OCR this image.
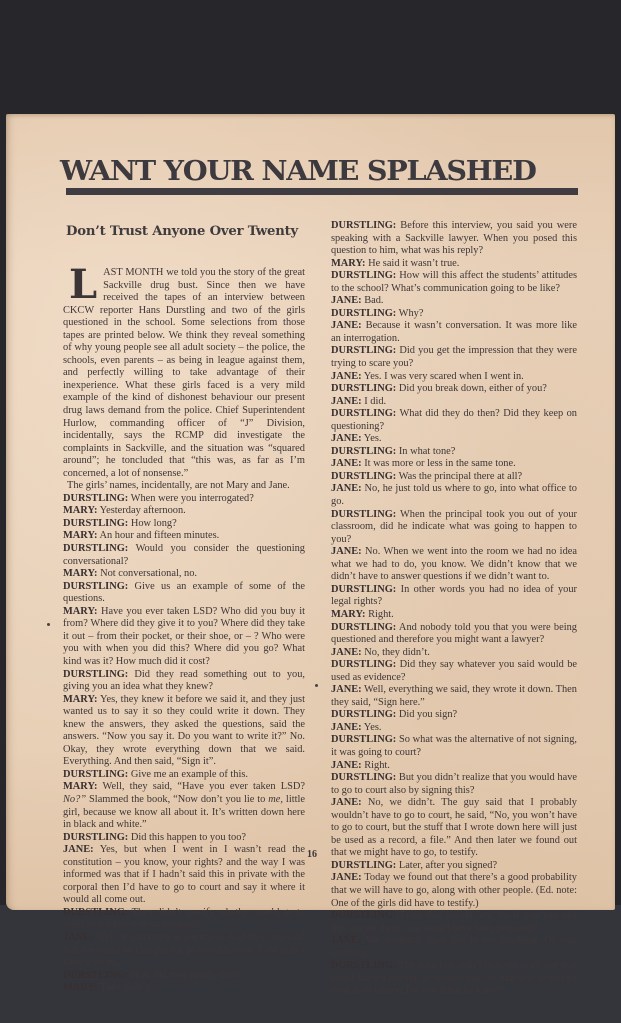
WANT YOUR NAME SPLASHED
Don’t Trust Anyone Over Twenty

LAST MONTH we told you the story of the great Sackville drug bust. Since then we have received the tapes of an interview between CKCW reporter Hans Durstling and two of the girls questioned in the school. Some selections from those tapes are printed below. We think they reveal something of why young people see all adult society – the police, the schools, even parents – as being in league against them, and perfectly willing to take advantage of their inexperience. What these girls faced is a very mild example of the kind of dishonest behaviour our present drug laws demand from the police. Chief Superintendent Hurlow, commanding officer of “J” Division, incidentally, says the RCMP did investigate the complaints in Sackville, and the situation was “squared around”; he toncluded that “this was, as far as I’m concerned, a lot of nonsense.”

The girls’ names, incidentally, are not Mary and Jane.

DURSTLING: When were you interrogated?

MARY: Yesterday afternoon.

DURSTLING: How long?

MARY: An hour and fifteen minutes.

DURSTLING: Would you consider the questioning conversational?

MARY: Not conversational, no.

DURSTLING: Give us an example of some of the questions.

MARY: Have you ever taken LSD? Who did you buy it from? Where did they give it to you? Where did they take it out – from their pocket, or their shoe, or – ? Who were you with when you did this? Where did you go? What kind was it? How much did it cost?

DURSTLING: Did they read something out to you, giving you an idea what they knew?

MARY: Yes, they knew it before we said it, and they just wanted us to say it so they could write it down. They knew the answers, they asked the questions, said the answers. “Now you say it. Do you want to write it?” No. Okay, they wrote everything down that we said. Everything. And then said, “Sign it”.

DURSTLING: Give me an example of this.

MARY: Well, they said, “Have you ever taken LSD? No?” Slammed the book, “Now don’t you lie to me, little girl, because we know all about it. It’s written down here in black and white.”

DURSTLING: Did this happen to you too?

JANE: Yes, but when I went in I wasn’t read the constitution – you know, your rights? and the way I was informed was that if I hadn’t said this in private with the corporal then I’d have to go to court and say it where it would all come out.

DURSTLING: They didn’t specify whether you’d go to court as a witness or an accused?

JANE: Well, it was more as a witness. And they also said that we could be charged for possession even if we didn’t have it on us.

DURSTLING: How did they justify that?

MARY: They didn’t.

DURSTLING: Before this interview, you said you were speaking with a Sackville lawyer. When you posed this question to him, what was his reply?

MARY: He said it wasn’t true.

DURSTLING: How will this affect the students’ attitudes to the school? What’s communication going to be like?

JANE: Bad.

DURSTLING: Why?

JANE: Because it wasn’t conversation. It was more like an interrogation.

DURSTLING: Did you get the impression that they were trying to scare you?

JANE: Yes. I was very scared when I went in.

DURSTLING: Did you break down, either of you?

JANE: I did.

DURSTLING: What did they do then? Did they keep on questioning?

JANE: Yes.

DURSTLING: In what tone?

JANE: It was more or less in the same tone.

DURSTLING: Was the principal there at all?

JANE: No, he just told us where to go, into what office to go.

DURSTLING: When the principal took you out of your classroom, did he indicate what was going to happen to you?

JANE: No. When we went into the room we had no idea what we had to do, you know. We didn’t know that we didn’t have to answer questions if we didn’t want to.

DURSTLING: In other words you had no idea of your legal rights?

MARY: Right.

DURSTLING: And nobody told you that you were being questioned and therefore you might want a lawyer?

JANE: No, they didn’t.

DURSTLING: Did they say whatever you said would be used as evidence?

JANE: Well, everything we said, they wrote it down. Then they said, “Sign here.”

DURSTLING: Did you sign?

JANE: Yes.

DURSTLING: So what was the alternative of not signing, it was going to court?

JANE: Right.

DURSTLING: But you didn’t realize that you would have to go to court also by signing this?

JANE: No, we didn’t. The guy said that I probably wouldn’t have to go to court, he said, “No, you won’t have to go to court, but the stuff that I wrote down here will just be used as a record, a file.” And then later we found out that we might have to go, to testify.

DURSTLING: Later, after you signed?

JANE: Today we found out that there’s a good probability that we will have to go, along with other people. (Ed. note: One of the girls did have to testify.)

DURSTLING: From this lawyer, eh? So if you had had this lawyer there, you would have been prepared?

JANE: We wouldn’t have had to say anything. Or sign anything.

DURSTLING: The principal didn’t indicate at all that you could have a lawyer or needed one, or that this would be used as evidence. Do you think he knew?

16
